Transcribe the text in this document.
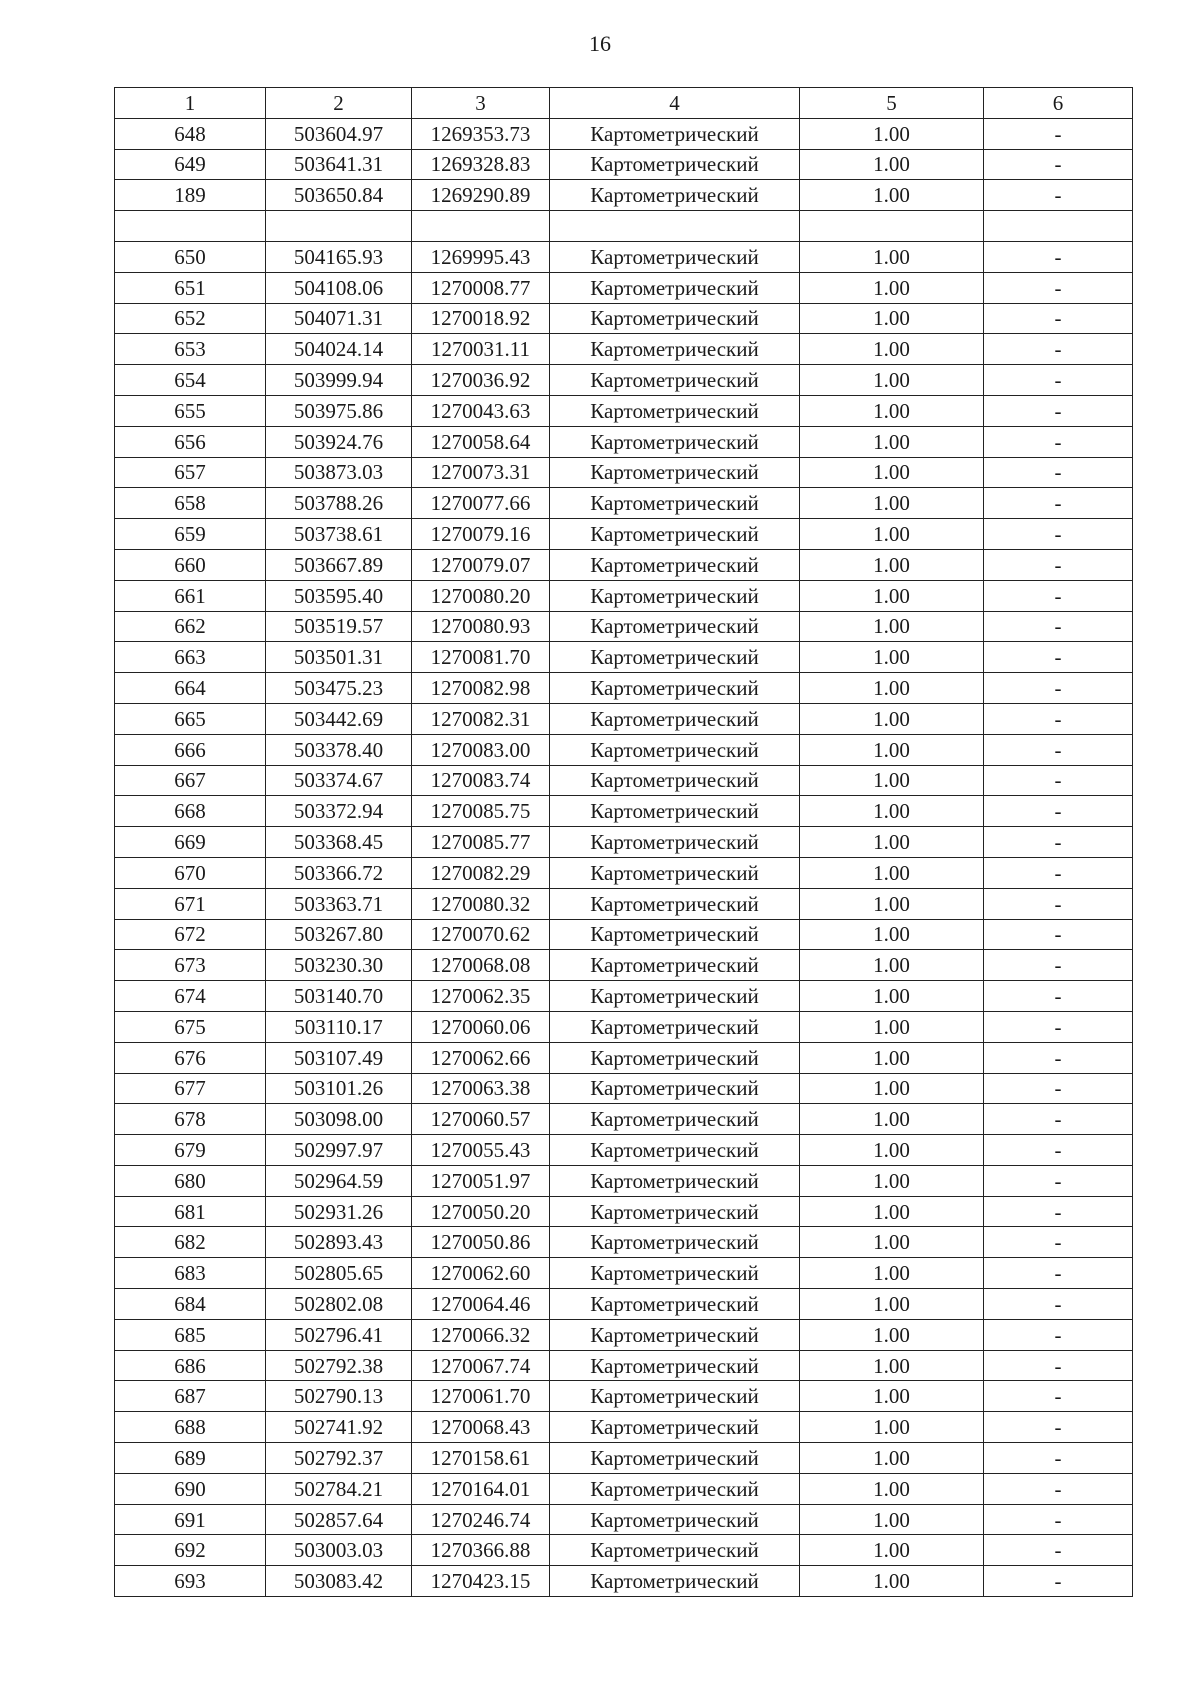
16
1	2	3	4	5	6
648	503604.97	1269353.73	Картометрический	1.00	-
649	503641.31	1269328.83	Картометрический	1.00	-
189	503650.84	1269290.89	Картометрический	1.00	-

650	504165.93	1269995.43	Картометрический	1.00	-
651	504108.06	1270008.77	Картометрический	1.00	-
652	504071.31	1270018.92	Картометрический	1.00	-
653	504024.14	1270031.11	Картометрический	1.00	-
654	503999.94	1270036.92	Картометрический	1.00	-
655	503975.86	1270043.63	Картометрический	1.00	-
656	503924.76	1270058.64	Картометрический	1.00	-
657	503873.03	1270073.31	Картометрический	1.00	-
658	503788.26	1270077.66	Картометрический	1.00	-
659	503738.61	1270079.16	Картометрический	1.00	-
660	503667.89	1270079.07	Картометрический	1.00	-
661	503595.40	1270080.20	Картометрический	1.00	-
662	503519.57	1270080.93	Картометрический	1.00	-
663	503501.31	1270081.70	Картометрический	1.00	-
664	503475.23	1270082.98	Картометрический	1.00	-
665	503442.69	1270082.31	Картометрический	1.00	-
666	503378.40	1270083.00	Картометрический	1.00	-
667	503374.67	1270083.74	Картометрический	1.00	-
668	503372.94	1270085.75	Картометрический	1.00	-
669	503368.45	1270085.77	Картометрический	1.00	-
670	503366.72	1270082.29	Картометрический	1.00	-
671	503363.71	1270080.32	Картометрический	1.00	-
672	503267.80	1270070.62	Картометрический	1.00	-
673	503230.30	1270068.08	Картометрический	1.00	-
674	503140.70	1270062.35	Картометрический	1.00	-
675	503110.17	1270060.06	Картометрический	1.00	-
676	503107.49	1270062.66	Картометрический	1.00	-
677	503101.26	1270063.38	Картометрический	1.00	-
678	503098.00	1270060.57	Картометрический	1.00	-
679	502997.97	1270055.43	Картометрический	1.00	-
680	502964.59	1270051.97	Картометрический	1.00	-
681	502931.26	1270050.20	Картометрический	1.00	-
682	502893.43	1270050.86	Картометрический	1.00	-
683	502805.65	1270062.60	Картометрический	1.00	-
684	502802.08	1270064.46	Картометрический	1.00	-
685	502796.41	1270066.32	Картометрический	1.00	-
686	502792.38	1270067.74	Картометрический	1.00	-
687	502790.13	1270061.70	Картометрический	1.00	-
688	502741.92	1270068.43	Картометрический	1.00	-
689	502792.37	1270158.61	Картометрический	1.00	-
690	502784.21	1270164.01	Картометрический	1.00	-
691	502857.64	1270246.74	Картометрический	1.00	-
692	503003.03	1270366.88	Картометрический	1.00	-
693	503083.42	1270423.15	Картометрический	1.00	-
